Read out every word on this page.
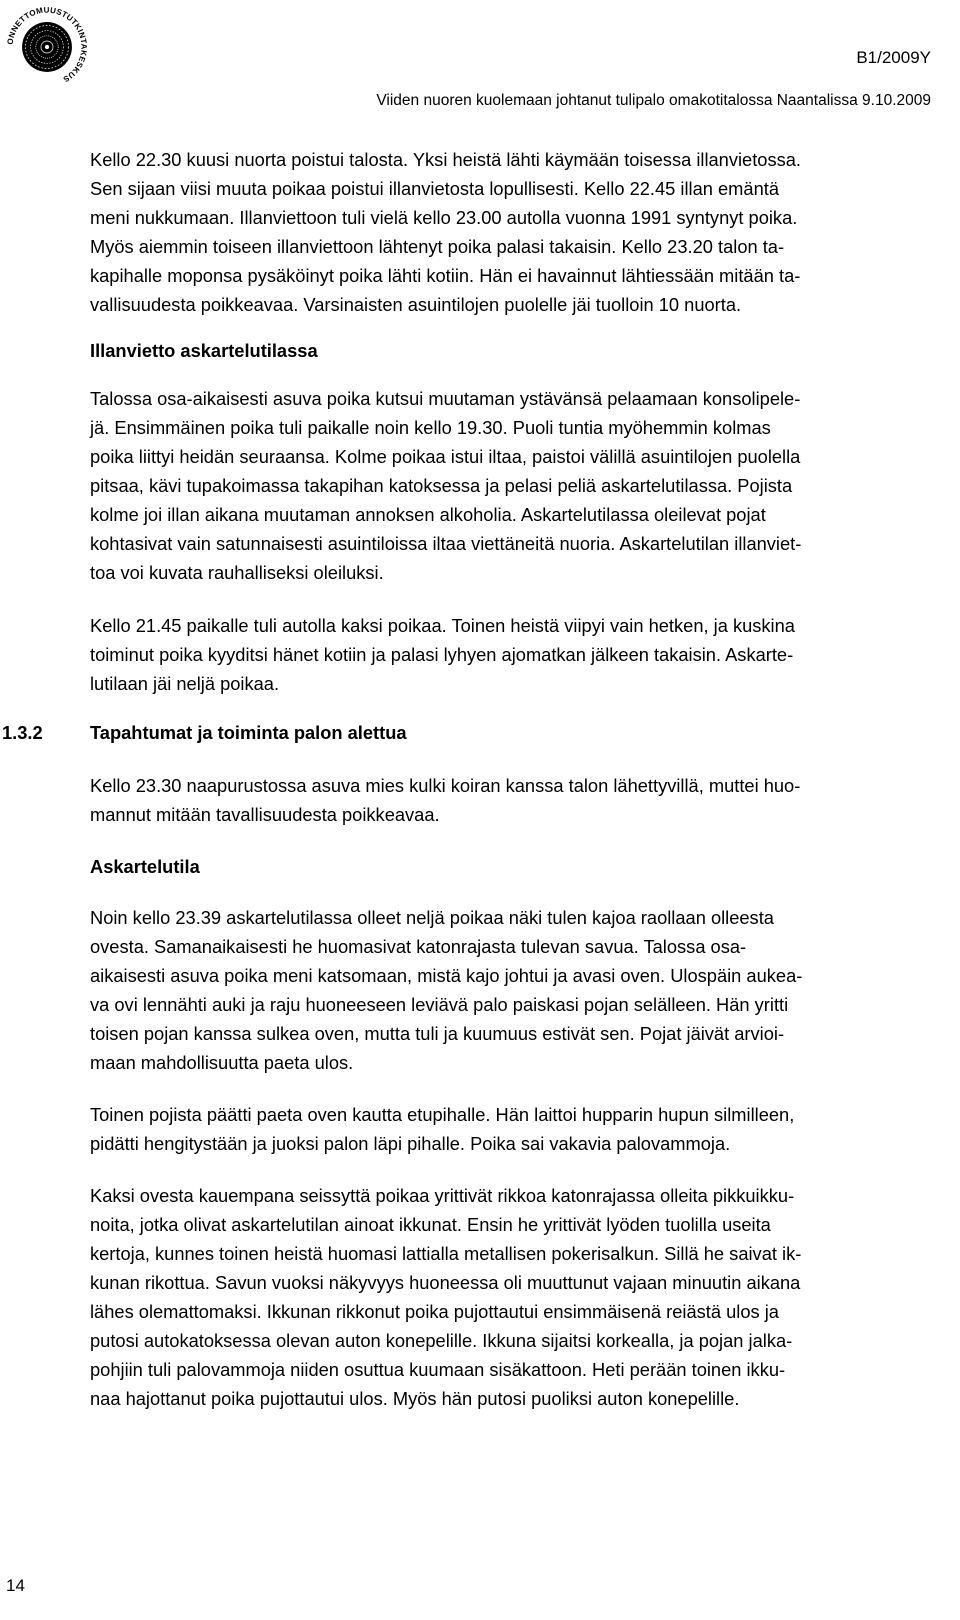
ONNETTOMUUSTUTKINTAKESKUS
B1/2009Y
Viiden nuoren kuolemaan johtanut tulipalo omakotitalossa Naantalissa 9.10.2009

Kello 22.30 kuusi nuorta poistui talosta. Yksi heistä lähti käymään toisessa illanvietossa.
Sen sijaan viisi muuta poikaa poistui illanvietosta lopullisesti. Kello 22.45 illan emäntä
meni nukkumaan. Illanviettoon tuli vielä kello 23.00 autolla vuonna 1991 syntynyt poika.
Myös aiemmin toiseen illanviettoon lähtenyt poika palasi takaisin. Kello 23.20 talon ta-
kapihalle moponsa pysäköinyt poika lähti kotiin. Hän ei havainnut lähtiessään mitään ta-
vallisuudesta poikkeavaa. Varsinaisten asuintilojen puolelle jäi tuolloin 10 nuorta.

Illanvietto askartelutilassa

Talossa osa-aikaisesti asuva poika kutsui muutaman ystävänsä pelaamaan konsolipele-
jä. Ensimmäinen poika tuli paikalle noin kello 19.30. Puoli tuntia myöhemmin kolmas
poika liittyi heidän seuraansa. Kolme poikaa istui iltaa, paistoi välillä asuintilojen puolella
pitsaa, kävi tupakoimassa takapihan katoksessa ja pelasi peliä askartelutilassa. Pojista
kolme joi illan aikana muutaman annoksen alkoholia. Askartelutilassa oleilevat pojat
kohtasivat vain satunnaisesti asuintiloissa iltaa viettäneitä nuoria. Askartelutilan illanviet-
toa voi kuvata rauhalliseksi oleiluksi.

Kello 21.45 paikalle tuli autolla kaksi poikaa. Toinen heistä viipyi vain hetken, ja kuskina
toiminut poika kyyditsi hänet kotiin ja palasi lyhyen ajomatkan jälkeen takaisin. Askarte-
lutilaan jäi neljä poikaa.

1.3.2	Tapahtumat ja toiminta palon alettua

Kello 23.30 naapurustossa asuva mies kulki koiran kanssa talon lähettyvillä, muttei huo-
mannut mitään tavallisuudesta poikkeavaa.

Askartelutila

Noin kello 23.39 askartelutilassa olleet neljä poikaa näki tulen kajoa raollaan olleesta
ovesta. Samanaikaisesti he huomasivat katonrajasta tulevan savua. Talossa osa-
aikaisesti asuva poika meni katsomaan, mistä kajo johtui ja avasi oven. Ulospäin aukea-
va ovi lennähti auki ja raju huoneeseen leviävä palo paiskasi pojan selälleen. Hän yritti
toisen pojan kanssa sulkea oven, mutta tuli ja kuumuus estivät sen. Pojat jäivät arvioi-
maan mahdollisuutta paeta ulos.

Toinen pojista päätti paeta oven kautta etupihalle. Hän laittoi hupparin hupun silmilleen,
pidätti hengitystään ja juoksi palon läpi pihalle. Poika sai vakavia palovammoja.

Kaksi ovesta kauempana seissyttä poikaa yrittivät rikkoa katonrajassa olleita pikkuikku-
noita, jotka olivat askartelutilan ainoat ikkunat. Ensin he yrittivät lyöden tuolilla useita
kertoja, kunnes toinen heistä huomasi lattialla metallisen pokerisalkun. Sillä he saivat ik-
kunan rikottua. Savun vuoksi näkyvyys huoneessa oli muuttunut vajaan minuutin aikana
lähes olemattomaksi. Ikkunan rikkonut poika pujottautui ensimmäisenä reiästä ulos ja
putosi autokatoksessa olevan auton konepelille. Ikkuna sijaitsi korkealla, ja pojan jalka-
pohjiin tuli palovammoja niiden osuttua kuumaan sisäkattoon. Heti perään toinen ikku-
naa hajottanut poika pujottautui ulos. Myös hän putosi puoliksi auton konepelille.

14
